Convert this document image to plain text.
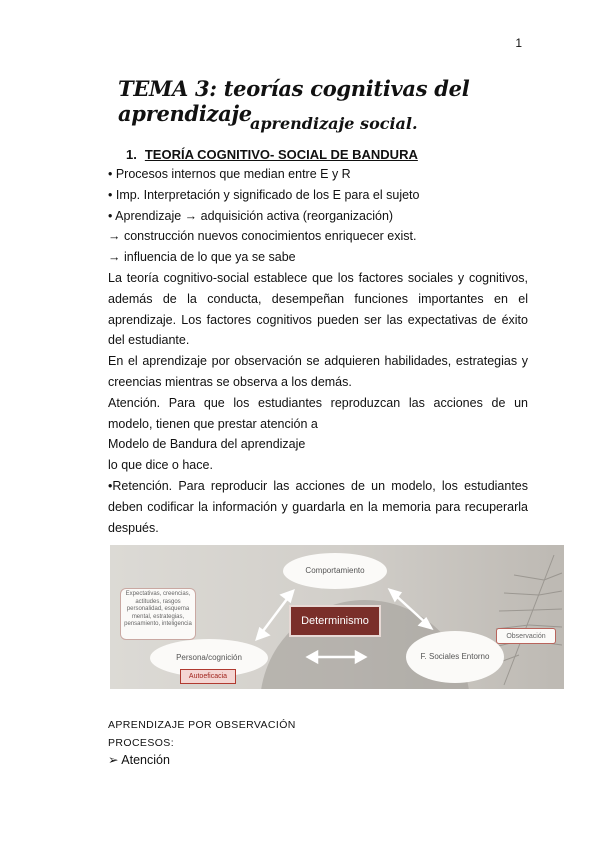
1
TEMA 3: teorías cognitivas del aprendizaje
aprendizaje social.
1. TEORÍA COGNITIVO- SOCIAL DE BANDURA
• Procesos internos que median entre E y R
• Imp. Interpretación y significado de los E para el sujeto
• Aprendizaje → adquisición activa (reorganización)
→ construcción nuevos conocimientos enriquecer exist.
→ influencia de lo que ya se sabe

La teoría cognitivo-social establece que los factores sociales y cognitivos, además de la conducta, desempeñan funciones importantes en el aprendizaje. Los factores cognitivos pueden ser las expectativas de éxito del estudiante.

En el aprendizaje por observación se adquieren habilidades, estrategias y creencias mientras se observa a los demás.

Atención. Para que los estudiantes reproduzcan las acciones de un modelo, tienen que prestar atención a

Modelo de Bandura del aprendizaje

lo que dice o hace.

•Retención. Para reproducir las acciones de un modelo, los estudiantes deben codificar la información y guardarla en la memoria para recuperarla después.

Comportamiento
Expectativas, creencias, actitudes, rasgos personalidad, esquema mental, estrategias, pensamiento, inteligencia	Determinismo
Persona/cognición
Autoeficacia
F. Sociales Entorno
Observación
APRENDIZAJE POR OBSERVACIÓN
PROCESOS:
➢ Atención
